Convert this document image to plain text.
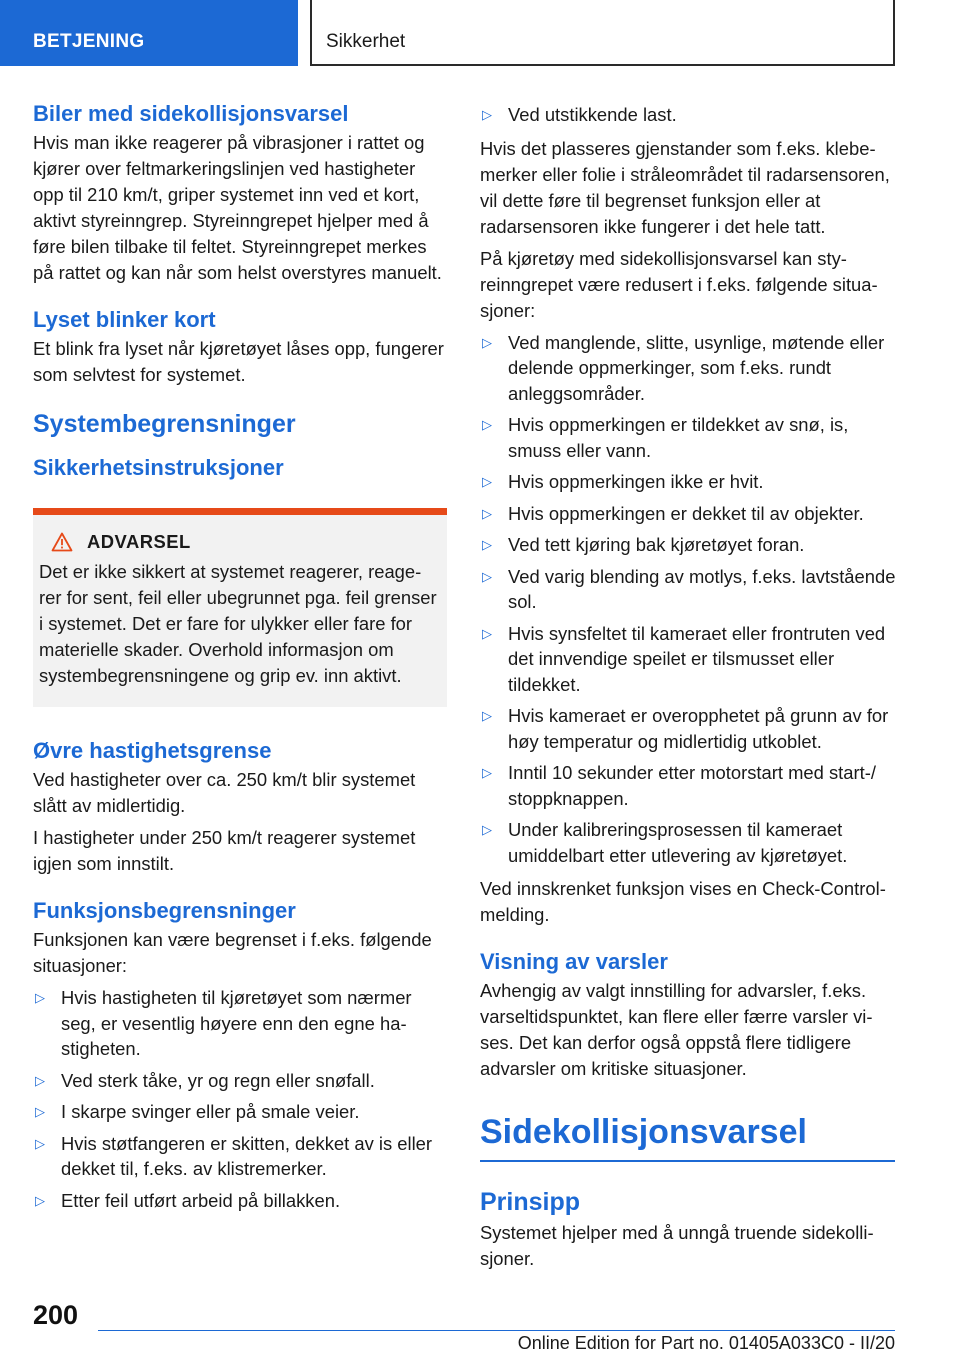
BETJENING	Sikkerhet
Biler med sidekollisjonsvarsel

Hvis man ikke reagerer på vibrasjoner i rattet og kjører over feltmarkeringslinjen ved hastigheter opp til 210 km/t, griper systemet inn ved et kort, aktivt styreinngrep. Styreinngrepet hjelper med å føre bilen tilbake til feltet. Styreinngrepet merkes på rattet og kan når som helst overstyres manuelt.

Lyset blinker kort

Et blink fra lyset når kjøretøyet låses opp, fungerer som selvtest for systemet.

Systembegrensninger
Sikkerhetsinstruksjoner
ADVARSEL
Det er ikke sikkert at systemet reagerer, reagerer for sent, feil eller ubegrunnet pga. feil grenser i systemet. Det er fare for ulykker eller fare for materielle skader. Overhold informasjon om systembegrensningene og grip ev. inn aktivt.
Øvre hastighetsgrense

Ved hastigheter over ca. 250 km/t blir systemet slått av midlertidig.

I hastigheter under 250 km/t reagerer systemet igjen som innstilt.

Funksjonsbegrensninger

Funksjonen kan være begrenset i f.eks. følgende situasjoner:

▷ Hvis hastigheten til kjøretøyet som nærmer seg, er vesentlig høyere enn den egne hastigheten.
▷ Ved sterk tåke, yr og regn eller snøfall.
▷ I skarpe svinger eller på smale veier.
▷ Hvis støtfangeren er skitten, dekket av is eller dekket til, f.eks. av klistremerker.
▷ Etter feil utført arbeid på billakken.
▷ Ved utstikkende last.

Hvis det plasseres gjenstander som f.eks. klebemerker eller folie i stråleområdet til radarsensoren, vil dette føre til begrenset funksjon eller at radarsensoren ikke fungerer i det hele tatt.

På kjøretøy med sidekollisjonsvarsel kan styreinngrepet være redusert i f.eks. følgende situasjoner:

▷ Ved manglende, slitte, usynlige, møtende eller delende oppmerkinger, som f.eks. rundt anleggsområder.
▷ Hvis oppmerkingen er tildekket av snø, is, smuss eller vann.
▷ Hvis oppmerkingen ikke er hvit.
▷ Hvis oppmerkingen er dekket til av objekter.
▷ Ved tett kjøring bak kjøretøyet foran.
▷ Ved varig blending av motlys, f.eks. lavtstående sol.
▷ Hvis synsfeltet til kameraet eller frontruten ved det innvendige speilet er tilsmusset eller tildekket.
▷ Hvis kameraet er overopphetet på grunn av for høy temperatur og midlertidig utkoblet.
▷ Inntil 10 sekunder etter motorstart med start-/ stoppknappen.
▷ Under kalibreringsprosessen til kameraet umiddelbart etter utlevering av kjøretøyet.

Ved innskrenket funksjon vises en Check-Control-melding.

Visning av varsler

Avhengig av valgt innstilling for advarsler, f.eks. varseltidspunktet, kan flere eller færre varsler vises. Det kan derfor også oppstå flere tidligere advarsler om kritiske situasjoner.

Sidekollisjonsvarsel
Prinsipp

Systemet hjelper med å unngå truende sidekollisjoner.

200
Online Edition for Part no. 01405A033C0 - II/20
